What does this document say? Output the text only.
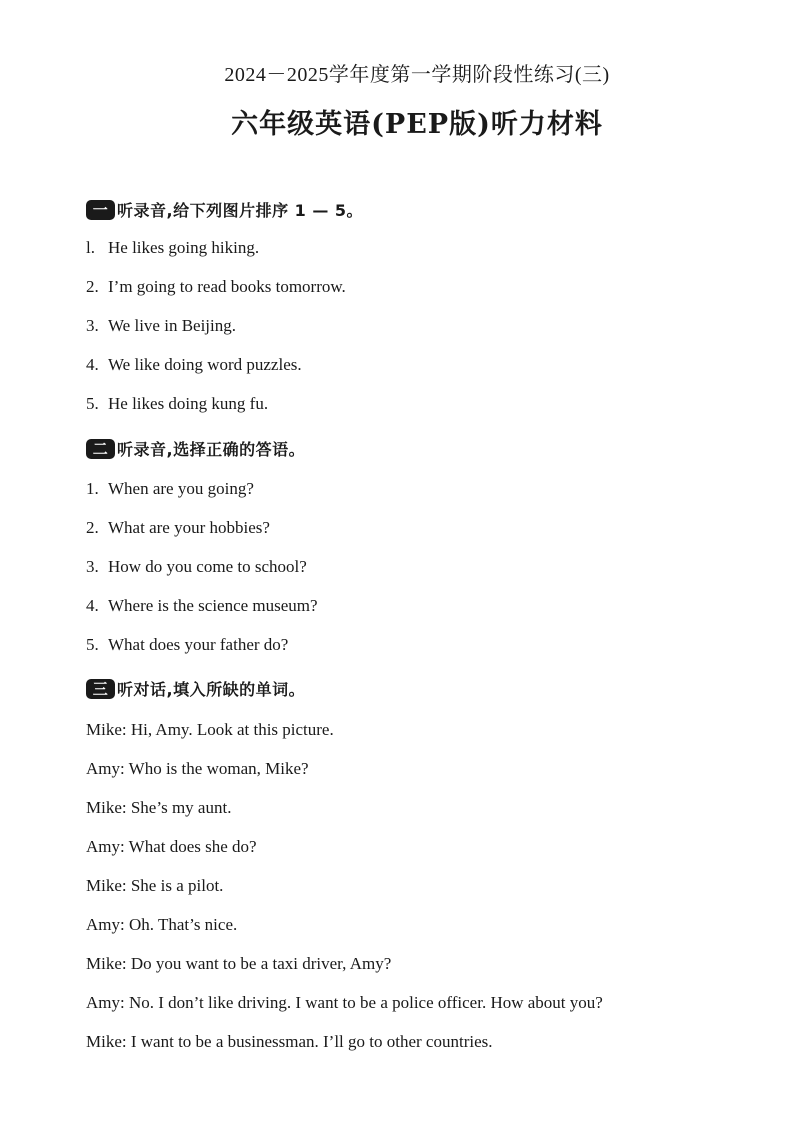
2024－2025学年度第一学期阶段性练习(三)
六年级英语(PEP版)听力材料
一 听录音,给下列图片排序 1 — 5。
l. He likes going hiking.
2. I’m going to read books tomorrow.
3. We live in Beijing.
4. We like doing word puzzles.
5. He likes doing kung fu.
二 听录音,选择正确的答语。
1. When are you going?
2. What are your hobbies?
3. How do you come to school?
4. Where is the science museum?
5. What does your father do?
三 听对话,填入所缺的单词。
Mike: Hi, Amy. Look at this picture.
Amy: Who is the woman, Mike?
Mike: She’s my aunt.
Amy: What does she do?
Mike: She is a pilot.
Amy: Oh. That’s nice.
Mike: Do you want to be a taxi driver, Amy?
Amy: No. I don’t like driving. I want to be a police officer. How about you?
Mike: I want to be a businessman. I’ll go to other countries.
